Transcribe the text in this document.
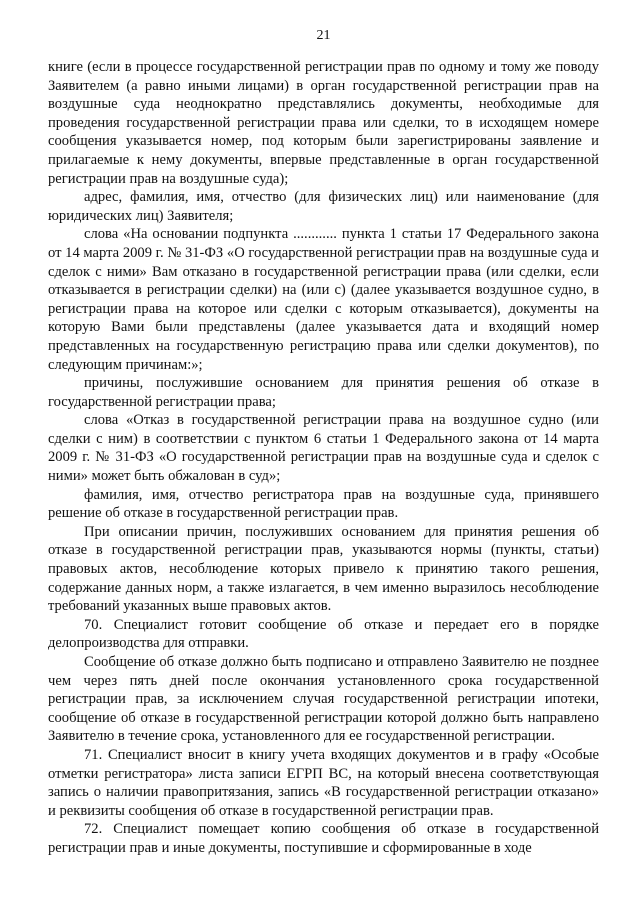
21

книге (если в процессе государственной регистрации прав по одному и тому же поводу Заявителем (а равно иными лицами) в орган государственной регистрации прав на воздушные суда неоднократно представлялись документы, необходимые для проведения государственной регистрации права или сделки, то в исходящем номере сообщения указывается номер, под которым были зарегистрированы заявление и прилагаемые к нему документы, впервые представленные в орган государственной регистрации прав на воздушные суда);

адрес, фамилия, имя, отчество (для физических лиц) или наименование (для юридических лиц) Заявителя;

слова «На основании подпункта ............ пункта 1 статьи 17 Федерального закона от 14 марта 2009 г. № 31-ФЗ «О государственной регистрации прав на воздушные суда и сделок с ними» Вам отказано в государственной регистрации права (или сделки, если отказывается в регистрации сделки) на (или с) (далее указывается воздушное судно, в регистрации права на которое или сделки с которым отказывается), документы на которую Вами были представлены (далее указывается дата и входящий номер представленных на государственную регистрацию права или сделки документов), по следующим причинам:»;

причины, послужившие основанием для принятия решения об отказе в государственной регистрации права;

слова «Отказ в государственной регистрации права на воздушное судно (или сделки с ним) в соответствии с пунктом 6 статьи 1 Федерального закона от 14 марта 2009 г. № 31-ФЗ «О государственной регистрации прав на воздушные суда и сделок с ними» может быть обжалован в суд»;

фамилия, имя, отчество регистратора прав на воздушные суда, принявшего решение об отказе в государственной регистрации прав.

При описании причин, послуживших основанием для принятия решения об отказе в государственной регистрации прав, указываются нормы (пункты, статьи) правовых актов, несоблюдение которых привело к принятию такого решения, содержание данных норм, а также излагается, в чем именно выразилось несоблюдение требований указанных выше правовых актов.

70. Специалист готовит сообщение об отказе и передает его в порядке делопроизводства для отправки.

Сообщение об отказе должно быть подписано и отправлено Заявителю не позднее чем через пять дней после окончания установленного срока государственной регистрации прав, за исключением случая государственной регистрации ипотеки, сообщение об отказе в государственной регистрации которой должно быть направлено Заявителю в течение срока, установленного для ее государственной регистрации.

71. Специалист вносит в книгу учета входящих документов и в графу «Особые отметки регистратора» листа записи ЕГРП ВС, на который внесена соответствующая запись о наличии правопритязания, запись «В государственной регистрации отказано» и реквизиты сообщения об отказе в государственной регистрации прав.

72. Специалист помещает копию сообщения об отказе в государственной регистрации прав и иные документы, поступившие и сформированные в ходе
